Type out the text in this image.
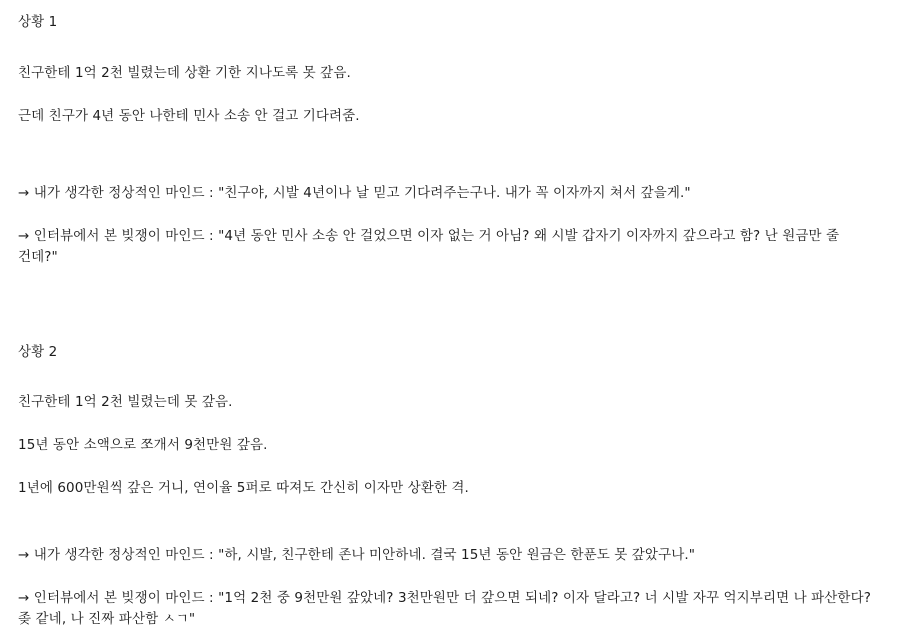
상황 1

친구한테 1억 2천 빌렸는데 상환 기한 지나도록 못 갚음.

근데 친구가 4년 동안 나한테 민사 소송 안 걸고 기다려줌.

→ 내가 생각한 정상적인 마인드 : "친구야, 시발 4년이나 날 믿고 기다려주는구나. 내가 꼭 이자까지 쳐서 갚을게."

→ 인터뷰에서 본 빚쟁이 마인드 : "4년 동안 민사 소송 안 걸었으면 이자 없는 거 아님? 왜 시발 갑자기 이자까지 갚으라고 함? 난 원금만 줄 건데?"

상황 2

친구한테 1억 2천 빌렸는데 못 갚음.

15년 동안 소액으로 쪼개서 9천만원 갚음.

1년에 600만원씩 갚은 거니, 연이율 5퍼로 따져도 간신히 이자만 상환한 격.

→ 내가 생각한 정상적인 마인드 : "하, 시발, 친구한테 존나 미안하네. 결국 15년 동안 원금은 한푼도 못 갚았구나."

→ 인터뷰에서 본 빚쟁이 마인드 : "1억 2천 중 9천만원 갚았네? 3천만원만 더 갚으면 되네? 이자 달라고? 너 시발 자꾸 억지부리면 나 파산한다? 좆 같네, 나 진짜 파산함 ㅅㄱ"
